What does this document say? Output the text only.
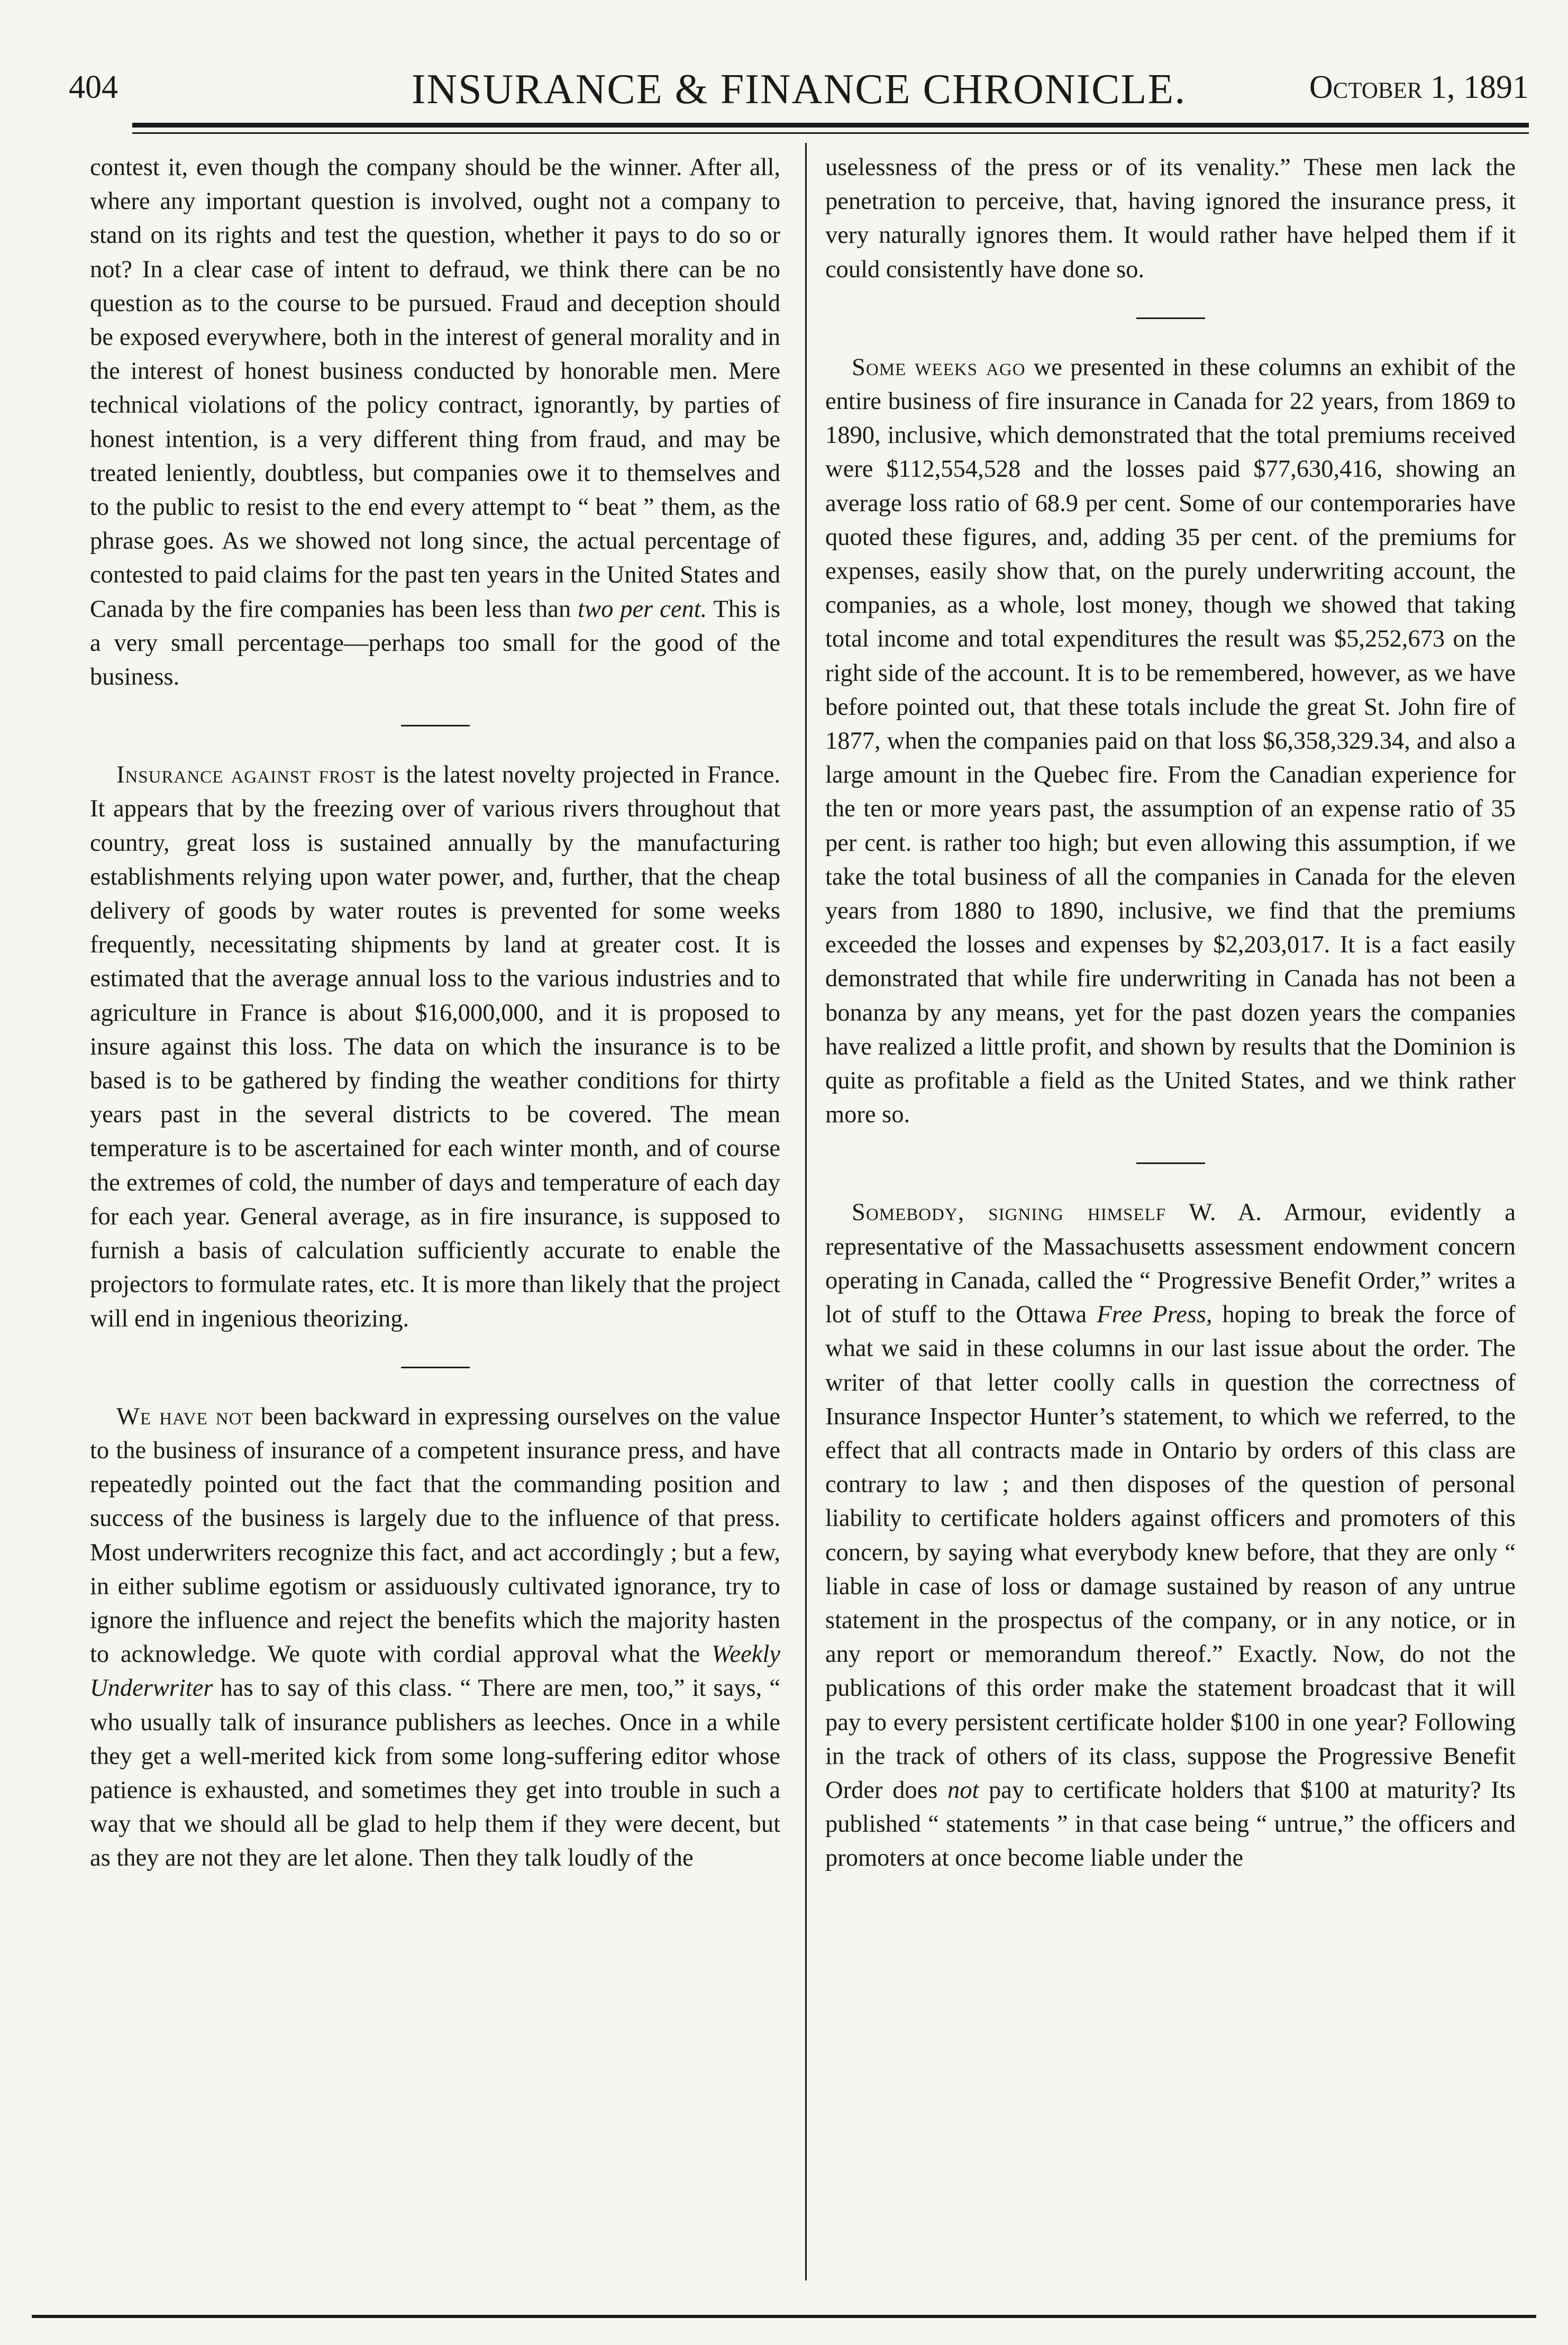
404	INSURANCE & FINANCE CHRONICLE.	October 1, 1891

contest it, even though the company should be the winner. After all, where any important question is involved, ought not a company to stand on its rights and test the question, whether it pays to do so or not? In a clear case of intent to defraud, we think there can be no question as to the course to be pursued. Fraud and deception should be exposed everywhere, both in the interest of general morality and in the interest of honest business conducted by honorable men. Mere technical violations of the policy contract, ignorantly, by parties of honest intention, is a very different thing from fraud, and may be treated leniently, doubtless, but companies owe it to themselves and to the public to resist to the end every attempt to “ beat ” them, as the phrase goes. As we showed not long since, the actual percentage of contested to paid claims for the past ten years in the United States and Canada by the fire companies has been less than two per cent. This is a very small percentage—perhaps too small for the good of the business.

Insurance against frost is the latest novelty projected in France. It appears that by the freezing over of various rivers throughout that country, great loss is sustained annually by the manufacturing establishments relying upon water power, and, further, that the cheap delivery of goods by water routes is prevented for some weeks frequently, necessitating shipments by land at greater cost. It is estimated that the average annual loss to the various industries and to agriculture in France is about $16,000,000, and it is proposed to insure against this loss. The data on which the insurance is to be based is to be gathered by finding the weather conditions for thirty years past in the several districts to be covered. The mean temperature is to be ascertained for each winter month, and of course the extremes of cold, the number of days and temperature of each day for each year. General average, as in fire insurance, is supposed to furnish a basis of calculation sufficiently accurate to enable the projectors to formulate rates, etc. It is more than likely that the project will end in ingenious theorizing.

We have not been backward in expressing ourselves on the value to the business of insurance of a competent insurance press, and have repeatedly pointed out the fact that the commanding position and success of the business is largely due to the influence of that press. Most underwriters recognize this fact, and act accordingly ; but a few, in either sublime egotism or assiduously cultivated ignorance, try to ignore the influence and reject the benefits which the majority hasten to acknowledge. We quote with cordial approval what the Weekly Underwriter has to say of this class. “ There are men, too,” it says, “ who usually talk of insurance publishers as leeches. Once in a while they get a well-merited kick from some long-suffering editor whose patience is exhausted, and sometimes they get into trouble in such a way that we should all be glad to help them if they were decent, but as they are not they are let alone. Then they talk loudly of the

uselessness of the press or of its venality.” These men lack the penetration to perceive, that, having ignored the insurance press, it very naturally ignores them. It would rather have helped them if it could consistently have done so.

Some weeks ago we presented in these columns an exhibit of the entire business of fire insurance in Canada for 22 years, from 1869 to 1890, inclusive, which demonstrated that the total premiums received were $112,554,528 and the losses paid $77,630,416, showing an average loss ratio of 68.9 per cent. Some of our contemporaries have quoted these figures, and, adding 35 per cent. of the premiums for expenses, easily show that, on the purely underwriting account, the companies, as a whole, lost money, though we showed that taking total income and total expenditures the result was $5,252,673 on the right side of the account. It is to be remembered, however, as we have before pointed out, that these totals include the great St. John fire of 1877, when the companies paid on that loss $6,358,329.34, and also a large amount in the Quebec fire. From the Canadian experience for the ten or more years past, the assumption of an expense ratio of 35 per cent. is rather too high; but even allowing this assumption, if we take the total business of all the companies in Canada for the eleven years from 1880 to 1890, inclusive, we find that the premiums exceeded the losses and expenses by $2,203,017. It is a fact easily demonstrated that while fire underwriting in Canada has not been a bonanza by any means, yet for the past dozen years the companies have realized a little profit, and shown by results that the Dominion is quite as profitable a field as the United States, and we think rather more so.

Somebody, signing himself W. A. Armour, evidently a representative of the Massachusetts assessment endowment concern operating in Canada, called the “ Progressive Benefit Order,” writes a lot of stuff to the Ottawa Free Press, hoping to break the force of what we said in these columns in our last issue about the order. The writer of that letter coolly calls in question the correctness of Insurance Inspector Hunter’s statement, to which we referred, to the effect that all contracts made in Ontario by orders of this class are contrary to law ; and then disposes of the question of personal liability to certificate holders against officers and promoters of this concern, by saying what everybody knew before, that they are only “ liable in case of loss or damage sustained by reason of any untrue statement in the prospectus of the company, or in any notice, or in any report or memorandum thereof.” Exactly. Now, do not the publications of this order make the statement broadcast that it will pay to every persistent certificate holder $100 in one year? Following in the track of others of its class, suppose the Progressive Benefit Order does not pay to certificate holders that $100 at maturity? Its published “ statements ” in that case being “ untrue,” the officers and promoters at once become liable under the
